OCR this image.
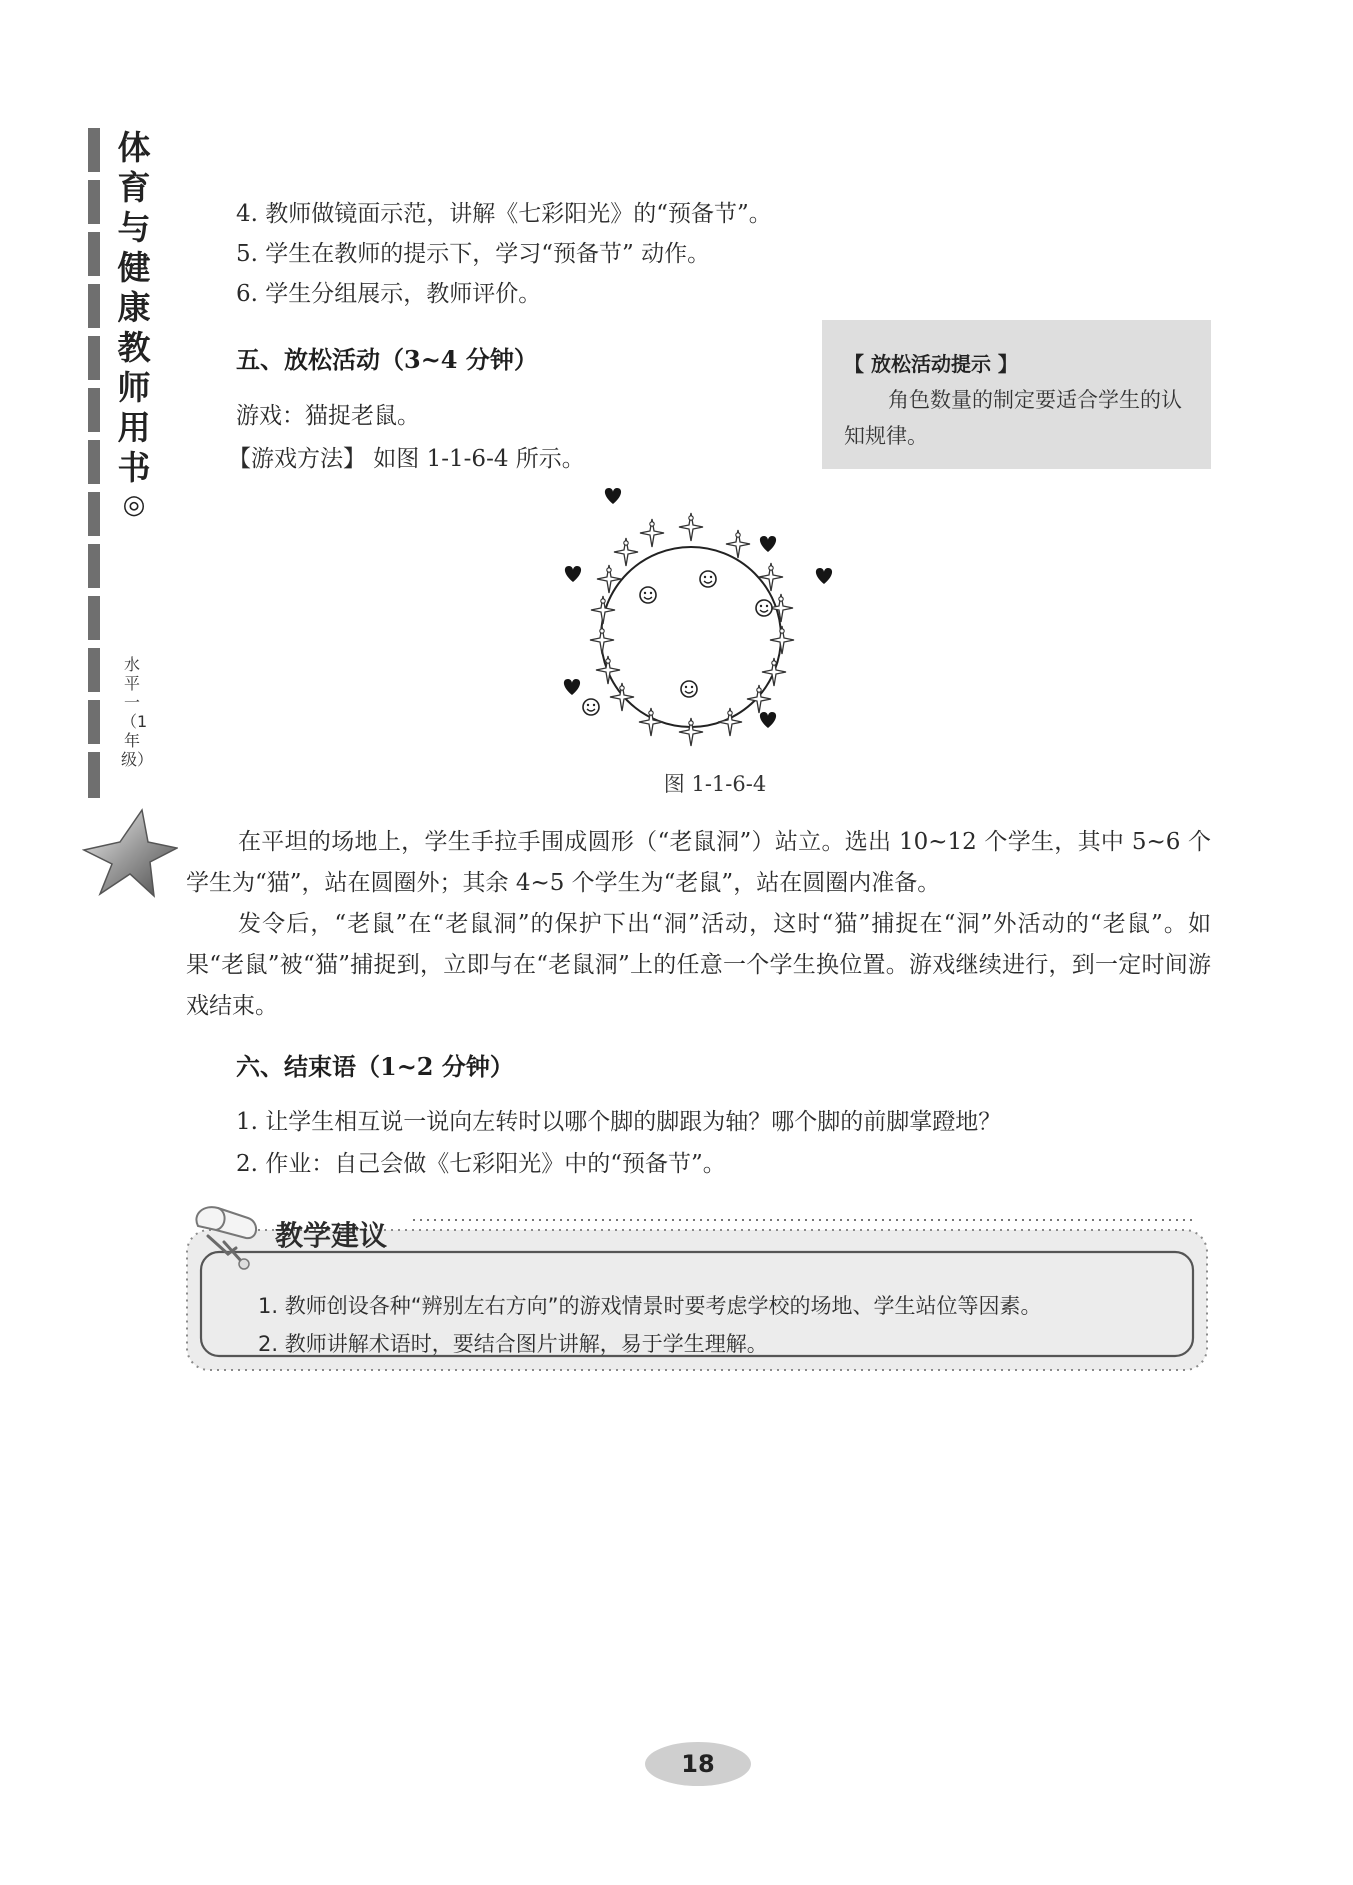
体育与健康教师用书
◎
水平一（1年级）
4. 教师做镜面示范，讲解《七彩阳光》的“预备节”。
5. 学生在教师的提示下，学习“预备节” 动作。
6. 学生分组展示，教师评价。
五、放松活动（3~4 分钟）
游戏：猫捉老鼠。
【游戏方法】 如图 1-1-6-4 所示。
【 放松活动提示 】
角色数量的制定要适合学生的认知规律。
图 1-1-6-4
在平坦的场地上，学生手拉手围成圆形（“老鼠洞”）站立。选出 10~12 个学生，其中 5~6 个学生为“猫”，站在圆圈外；其余 4~5 个学生为“老鼠”，站在圆圈内准备。
发令后，“老鼠”在“老鼠洞”的保护下出“洞”活动，这时“猫”捕捉在“洞”外活动的“老鼠”。如果“老鼠”被“猫”捕捉到，立即与在“老鼠洞”上的任意一个学生换位置。游戏继续进行，到一定时间游戏结束。
六、结束语（1~2 分钟）
1. 让学生相互说一说向左转时以哪个脚的脚跟为轴？哪个脚的前脚掌蹬地？
2. 作业：自己会做《七彩阳光》中的“预备节”。
教学建议
1. 教师创设各种“辨别左右方向”的游戏情景时要考虑学校的场地、学生站位等因素。
2. 教师讲解术语时，要结合图片讲解，易于学生理解。
18
